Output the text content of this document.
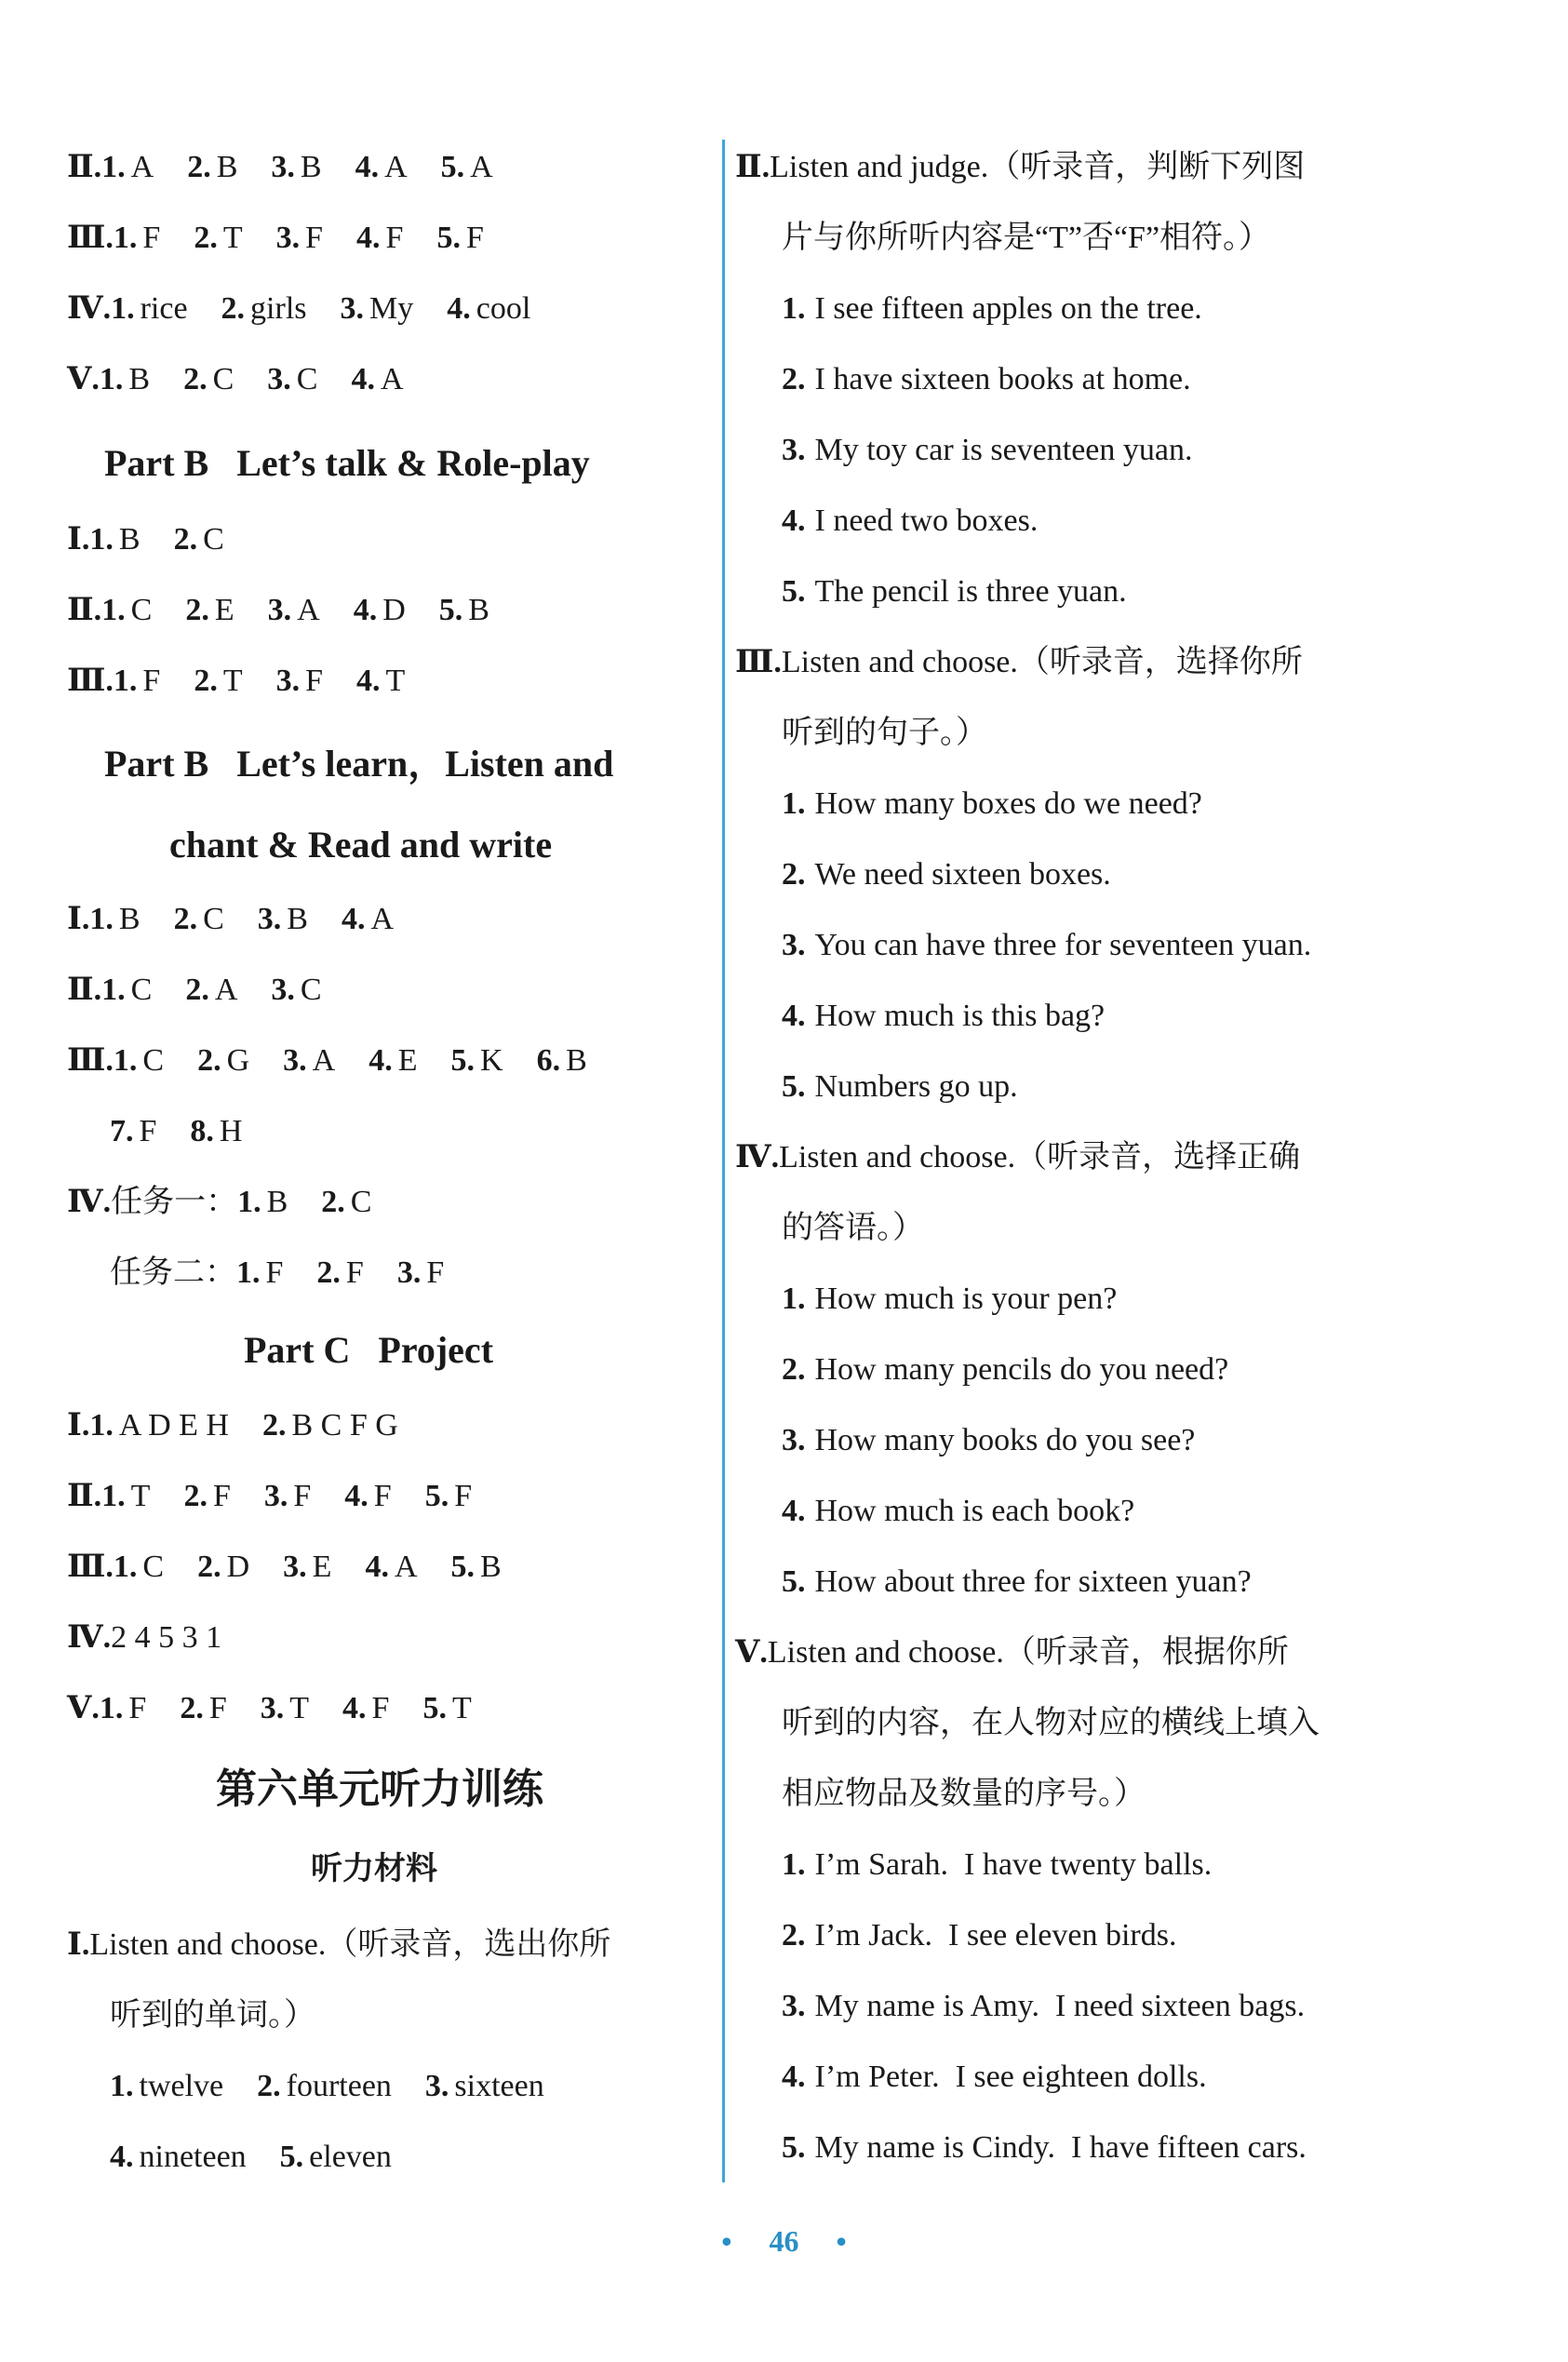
Ⅱ.1. A 2. B 3. B 4. A 5. A
Ⅲ.1. F 2. T 3. F 4. F 5. F
Ⅳ.1. rice 2. girls 3. My 4. cool
Ⅴ.1. B 2. C 3. C 4. A
Part B   Let’s talk & Role-play
Ⅰ.1. B 2. C
Ⅱ.1. C 2. E 3. A 4. D 5. B
Ⅲ.1. F 2. T 3. F 4. T
Part B   Let’s learn，Listen and
chant & Read and write
Ⅰ.1. B 2. C 3. B 4. A
Ⅱ.1. C 2. A 3. C
Ⅲ.1. C 2. G 3. A 4. E 5. K 6. B
7. F 8. H
Ⅳ.任务一：1. B 2. C
任务二：1. F 2. F 3. F
Part C   Project
Ⅰ.1. A D E H 2. B C F G
Ⅱ.1. T 2. F 3. F 4. F 5. F
Ⅲ.1. C 2. D 3. E 4. A 5. B
Ⅳ.2 4 5 3 1
Ⅴ.1. F 2. F 3. T 4. F 5. T
第六单元听力训练
听力材料
Ⅰ.Listen and choose.（听录音，选出你所
听到的单词。）
1. twelve 2. fourteen 3. sixteen
4. nineteen 5. eleven
Ⅱ.Listen and judge.（听录音，判断下列图
片与你所听内容是“T”否“F”相符。）
1. I see fifteen apples on the tree.
2. I have sixteen books at home.
3. My toy car is seventeen yuan.
4. I need two boxes.
5. The pencil is three yuan.
Ⅲ.Listen and choose.（听录音，选择你所
听到的句子。）
1. How many boxes do we need?
2. We need sixteen boxes.
3. You can have three for seventeen yuan.
4. How much is this bag?
5. Numbers go up.
Ⅳ.Listen and choose.（听录音，选择正确
的答语。）
1. How much is your pen?
2. How many pencils do you need?
3. How many books do you see?
4. How much is each book?
5. How about three for sixteen yuan?
Ⅴ.Listen and choose.（听录音，根据你所
听到的内容，在人物对应的横线上填入
相应物品及数量的序号。）
1. I’m Sarah.  I have twenty balls.
2. I’m Jack.  I see eleven birds.
3. My name is Amy.  I need sixteen bags.
4. I’m Peter.  I see eighteen dolls.
5. My name is Cindy.  I have fifteen cars.
• 46 •
